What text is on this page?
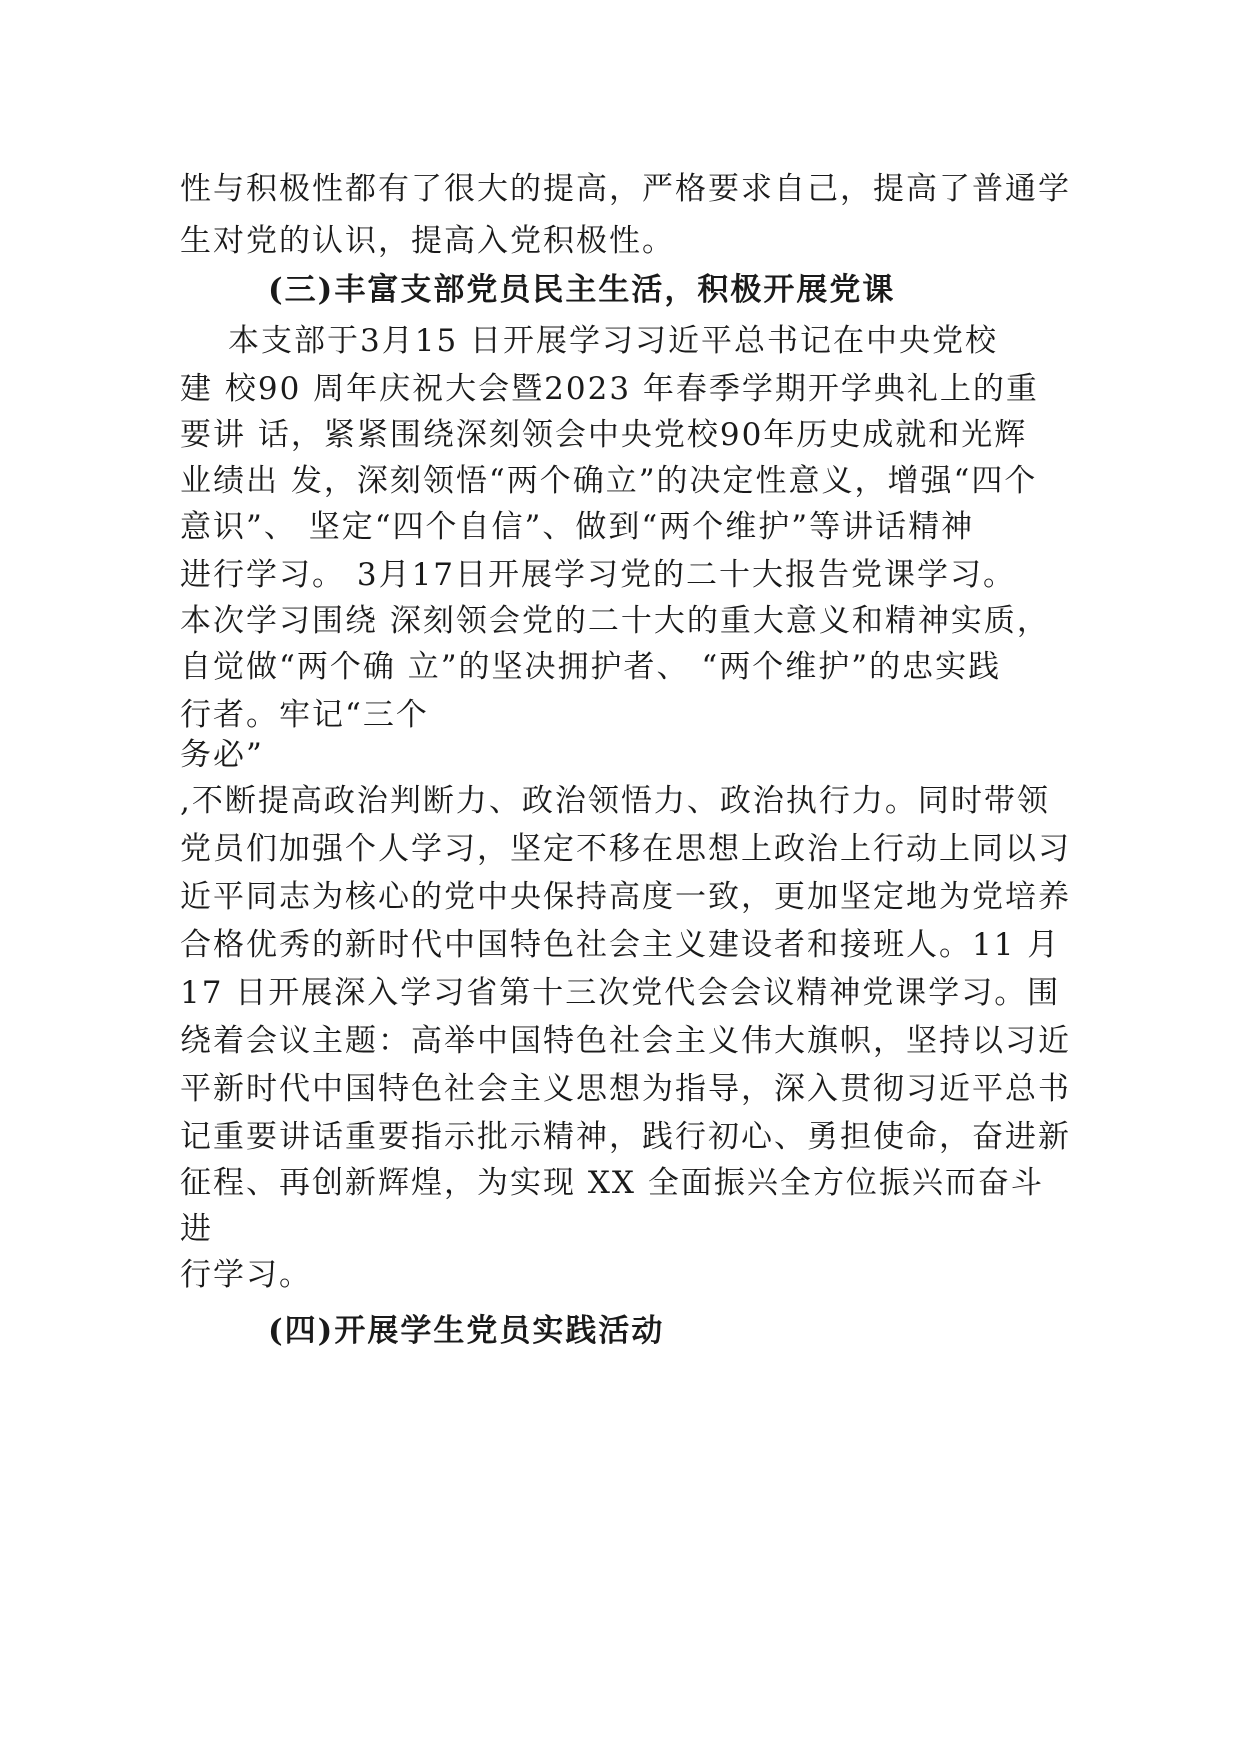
性与积极性都有了很大的提高，严格要求自己，提高了普通学

生对党的认识，提高入党积极性。

(三)丰富支部党员民主生活，积极开展党课

本支部于3月15 日开展学习习近平总书记在中央党校

建 校90 周年庆祝大会暨2023 年春季学期开学典礼上的重

要讲 话，紧紧围绕深刻领会中央党校90年历史成就和光辉

业绩出 发，深刻领悟“两个确立”的决定性意义，增强“四个

意识”、 坚定“四个自信”、做到“两个维护”等讲话精神

进行学习。 3月17日开展学习党的二十大报告党课学习。

本次学习围绕 深刻领会党的二十大的重大意义和精神实质，

自觉做“两个确 立”的坚决拥护者、 “两个维护”的忠实践

行者。牢记“三个

务必”

,不断提高政治判断力、政治领悟力、政治执行力。同时带领

党员们加强个人学习，坚定不移在思想上政治上行动上同以习

近平同志为核心的党中央保持高度一致，更加坚定地为党培养

合格优秀的新时代中国特色社会主义建设者和接班人。11 月

17 日开展深入学习省第十三次党代会会议精神党课学习。围

绕着会议主题：高举中国特色社会主义伟大旗帜，坚持以习近

平新时代中国特色社会主义思想为指导，深入贯彻习近平总书

记重要讲话重要指示批示精神，践行初心、勇担使命，奋进新

征程、再创新辉煌，为实现 XX 全面振兴全方位振兴而奋斗

进

行学习。

(四)开展学生党员实践活动
